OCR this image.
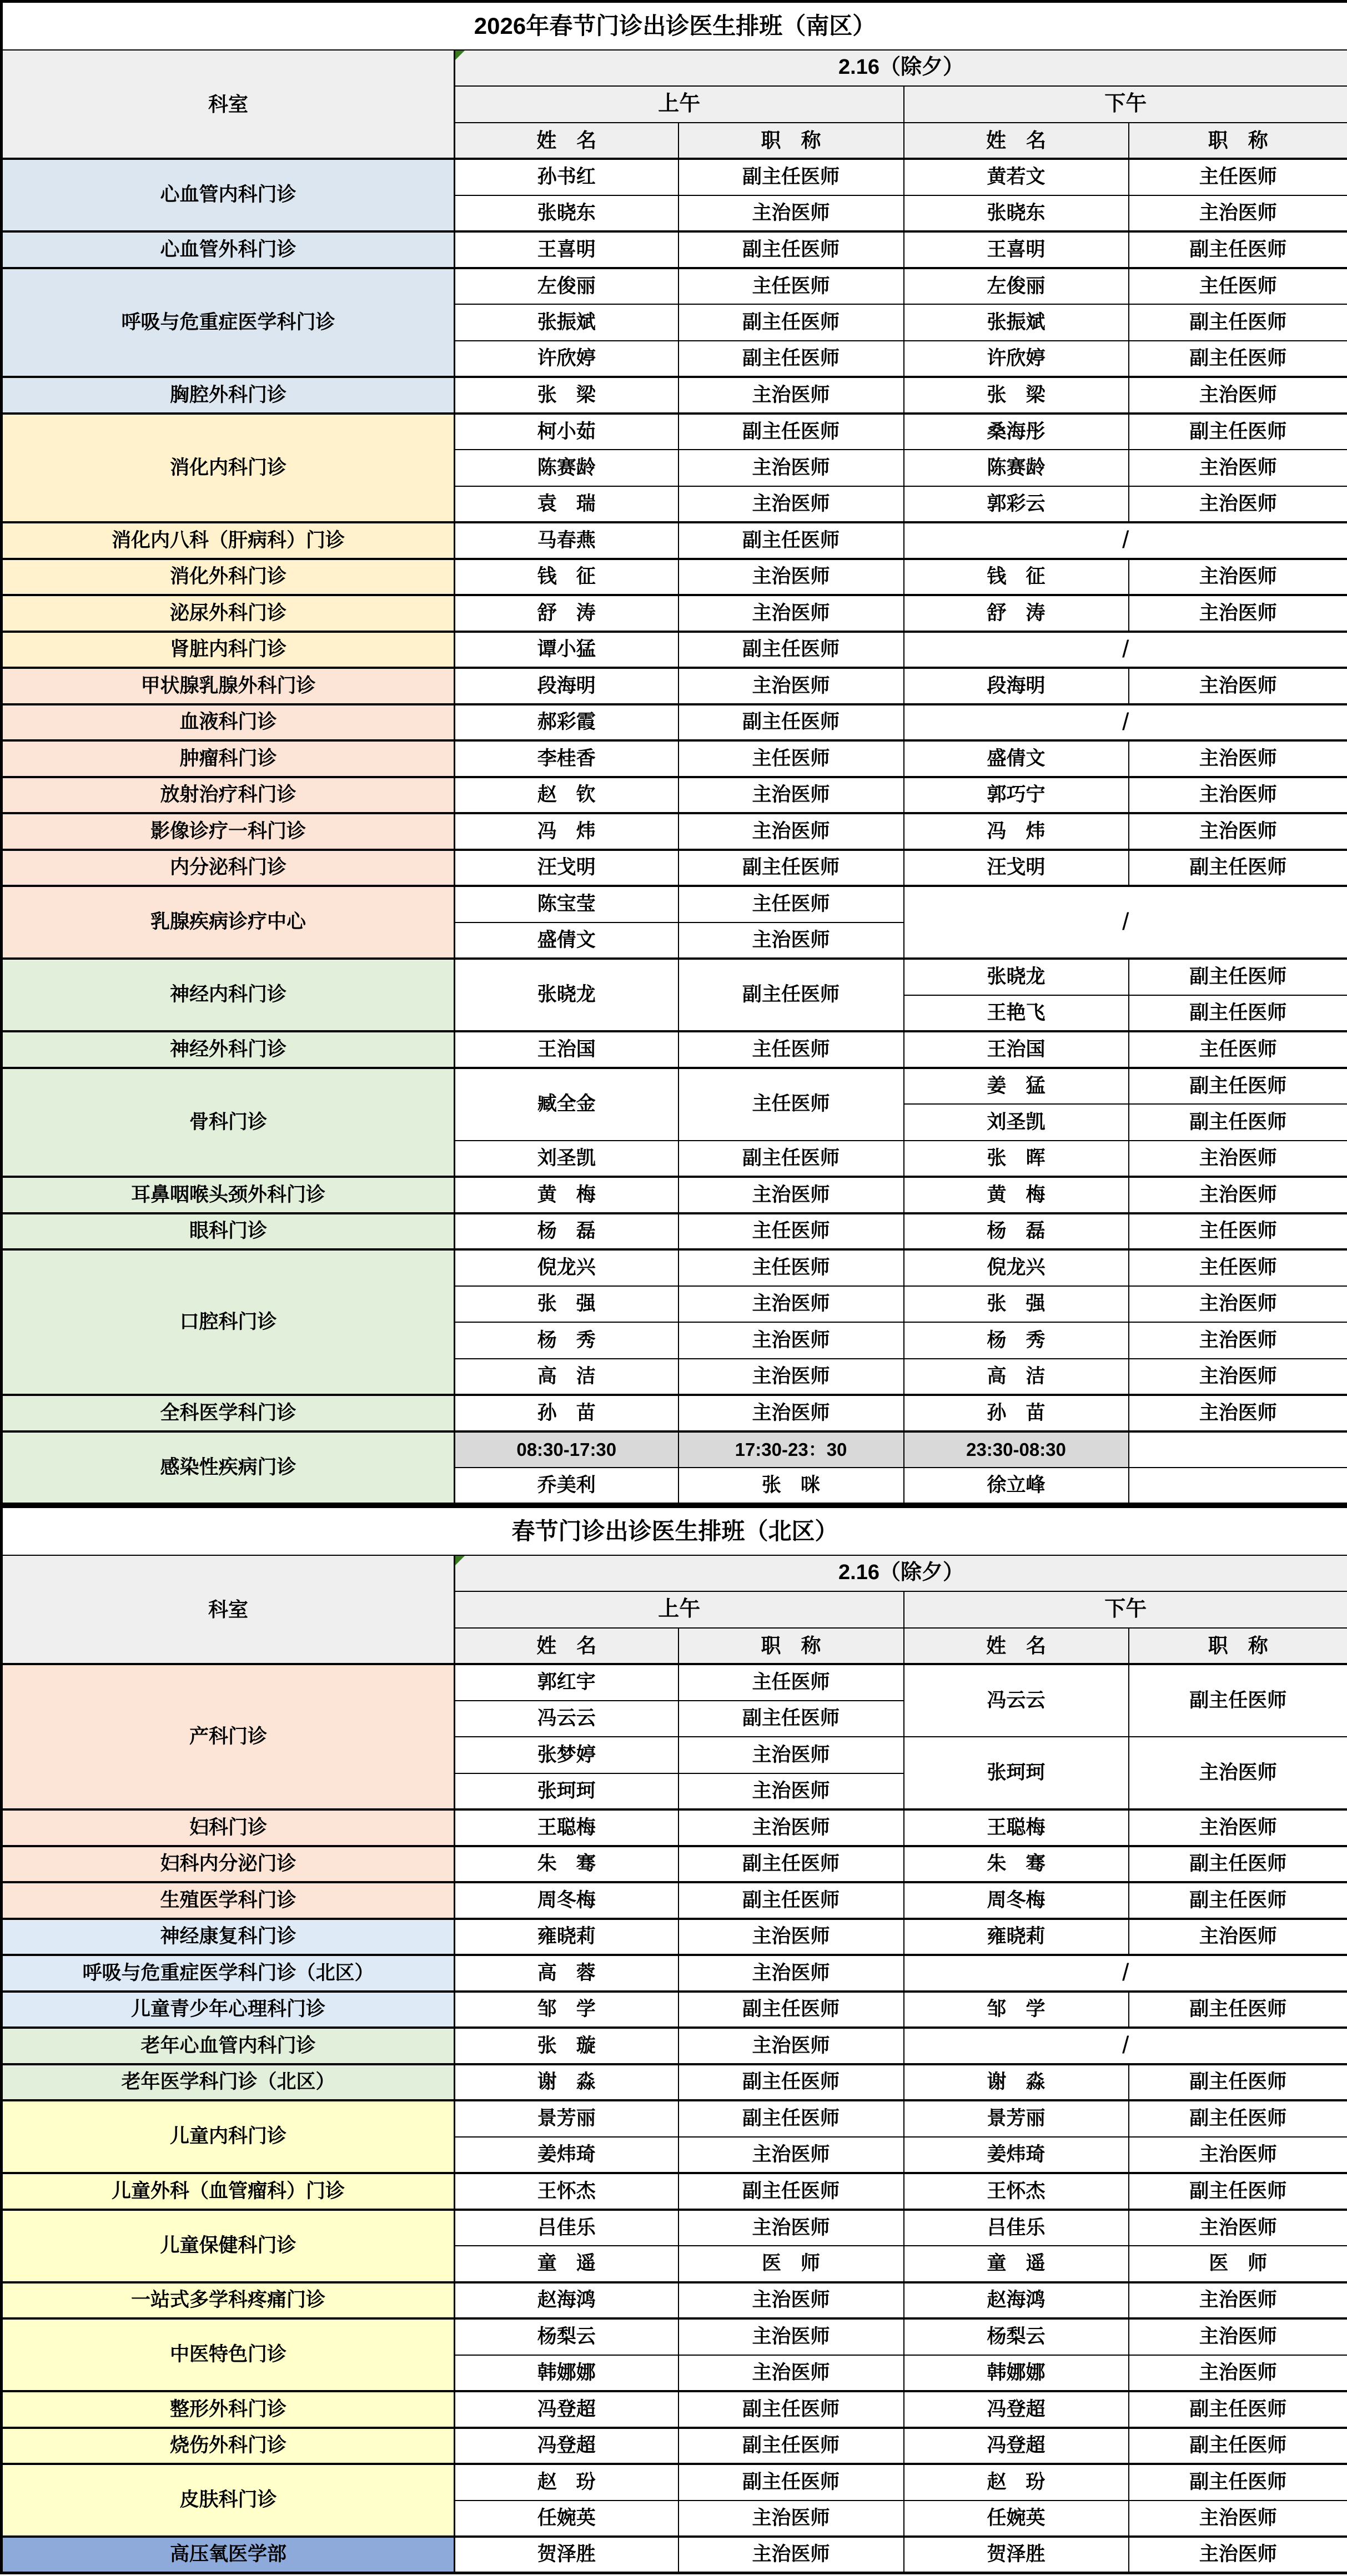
2026年春节门诊出诊医生排班（南区）				
科室	2.16（除夕）			
	上午		下午	
	姓　名	职　称	姓　名	职　称
心血管内科门诊	孙书红	副主任医师	黄若文	主任医师
	张晓东	主治医师	张晓东	主治医师
心血管外科门诊	王喜明	副主任医师	王喜明	副主任医师
呼吸与危重症医学科门诊	左俊丽	主任医师	左俊丽	主任医师
	张振斌	副主任医师	张振斌	副主任医师
	许欣婷	副主任医师	许欣婷	副主任医师
胸腔外科门诊	张　梁	主治医师	张　梁	主治医师
消化内科门诊	柯小茹	副主任医师	桑海彤	副主任医师
	陈赛龄	主治医师	陈赛龄	主治医师
	袁　瑞	主治医师	郭彩云	主治医师
消化内八科（肝病科）门诊	马春燕	副主任医师	/	
消化外科门诊	钱　征	主治医师	钱　征	主治医师
泌尿外科门诊	舒　涛	主治医师	舒　涛	主治医师
肾脏内科门诊	谭小猛	副主任医师	/	
甲状腺乳腺外科门诊	段海明	主治医师	段海明	主治医师
血液科门诊	郝彩霞	副主任医师	/	
肿瘤科门诊	李桂香	主任医师	盛倩文	主治医师
放射治疗科门诊	赵　钦	主治医师	郭巧宁	主治医师
影像诊疗一科门诊	冯　炜	主治医师	冯　炜	主治医师
内分泌科门诊	汪戈明	副主任医师	汪戈明	副主任医师
乳腺疾病诊疗中心	陈宝莹	主任医师	/	
	盛倩文	主治医师		
神经内科门诊	张晓龙	副主任医师	张晓龙	副主任医师
			王艳飞	副主任医师
神经外科门诊	王治国	主任医师	王治国	主任医师
骨科门诊	臧全金	主任医师	姜　猛	副主任医师
			刘圣凯	副主任医师
	刘圣凯	副主任医师	张　晖	主治医师
耳鼻咽喉头颈外科门诊	黄　梅	主治医师	黄　梅	主治医师
眼科门诊	杨　磊	主任医师	杨　磊	主任医师
口腔科门诊	倪龙兴	主任医师	倪龙兴	主任医师
	张　强	主治医师	张　强	主治医师
	杨　秀	主治医师	杨　秀	主治医师
	高　洁	主治医师	高　洁	主治医师
全科医学科门诊	孙　苗	主治医师	孙　苗	主治医师
感染性疾病门诊	08:30-17:30	17:30-23：30	23:30-08:30	
	乔美利	张　咪	徐立峰	
春节门诊出诊医生排班（北区）				
科室	2.16（除夕）			
	上午		下午	
	姓　名	职　称	姓　名	职　称
产科门诊	郭红宇	主任医师	冯云云	副主任医师
	冯云云	副主任医师		
	张梦婷	主治医师	张珂珂	主治医师
	张珂珂	主治医师		
妇科门诊	王聪梅	主治医师	王聪梅	主治医师
妇科内分泌门诊	朱　骞	副主任医师	朱　骞	副主任医师
生殖医学科门诊	周冬梅	副主任医师	周冬梅	副主任医师
神经康复科门诊	雍晓莉	主治医师	雍晓莉	主治医师
呼吸与危重症医学科门诊（北区）	高　蓉	主治医师	/	
儿童青少年心理科门诊	邹　学	副主任医师	邹　学	副主任医师
老年心血管内科门诊	张　璇	主治医师	/	
老年医学科门诊（北区）	谢　淼	副主任医师	谢　淼	副主任医师
儿童内科门诊	景芳丽	副主任医师	景芳丽	副主任医师
	姜炜琦	主治医师	姜炜琦	主治医师
儿童外科（血管瘤科）门诊	王怀杰	副主任医师	王怀杰	副主任医师
儿童保健科门诊	吕佳乐	主治医师	吕佳乐	主治医师
	童　遥	医　师	童　遥	医　师
一站式多学科疼痛门诊	赵海鸿	主治医师	赵海鸿	主治医师
中医特色门诊	杨梨云	主治医师	杨梨云	主治医师
	韩娜娜	主治医师	韩娜娜	主治医师
整形外科门诊	冯登超	副主任医师	冯登超	副主任医师
烧伤外科门诊	冯登超	副主任医师	冯登超	副主任医师
皮肤科门诊	赵　玢	副主任医师	赵　玢	副主任医师
	任婉英	主治医师	任婉英	主治医师
高压氧医学部	贺泽胜	主治医师	贺泽胜	主治医师
